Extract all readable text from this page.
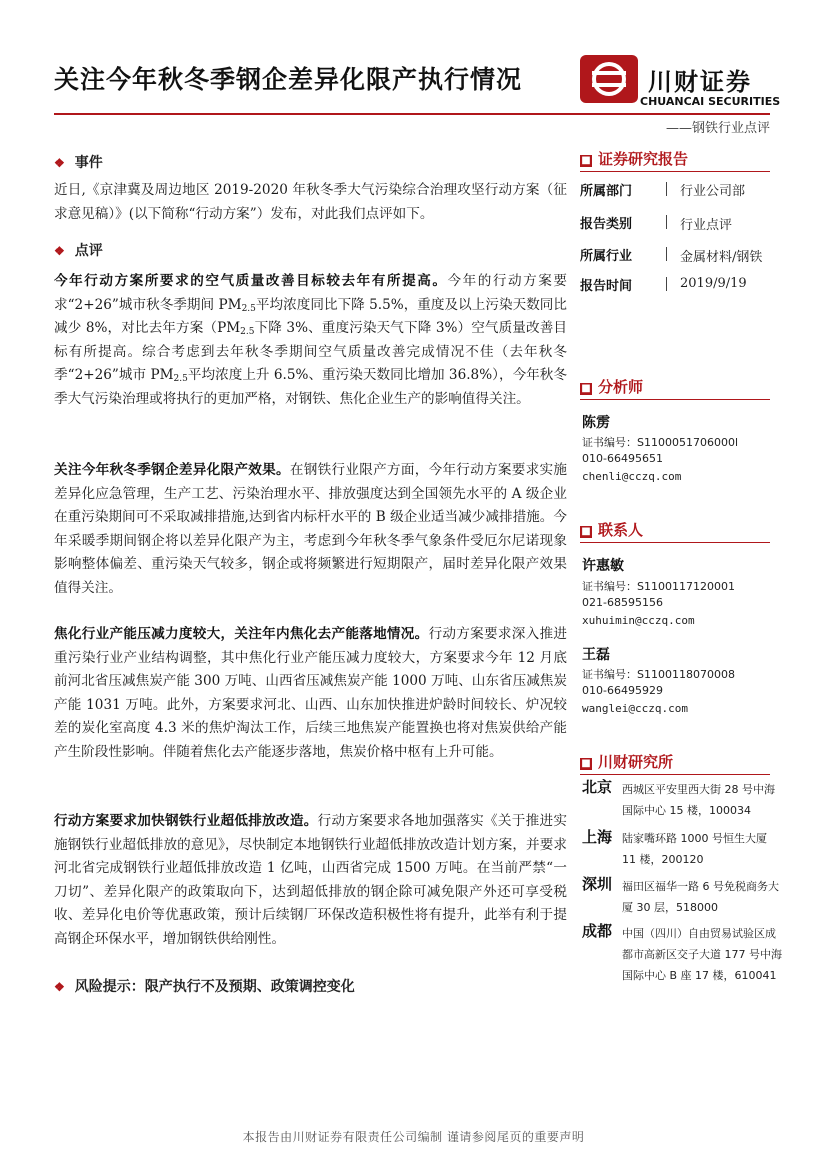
关注今年秋冬季钢企差异化限产执行情况	川财证券
CHUANCAI SECURITIES
——钢铁行业点评
❖ 事件
近日,《京津冀及周边地区 2019-2020 年秋冬季大气污染综合治理攻坚行动方案（征求意见稿）》(以下简称“行动方案”）发布，对此我们点评如下。
❖ 点评
今年行动方案所要求的空气质量改善目标较去年有所提高。今年的行动方案要求“2+26”城市秋冬季期间 $PM_{2.5}$平均浓度同比下降 5.5%，重度及以上污染天数同比减少 8%，对比去年方案（$PM_{2.5}$下降 3%、重度污染天气下降 3%）空气质量改善目标有所提高。综合考虑到去年秋冬季期间空气质量改善完成情况不佳（去年秋冬季“2+26”城市 $PM_{2.5}$平均浓度上升 6.5%、重污染天数同比增加 36.8%），今年秋冬季大气污染治理或将执行的更加严格，对钢铁、焦化企业生产的影响值得关注。
关注今年秋冬季钢企差异化限产效果。在钢铁行业限产方面，今年行动方案要求实施差异化应急管理，生产工艺、污染治理水平、排放强度达到全国领先水平的 A 级企业在重污染期间可不采取减排措施,达到省内标杆水平的 B 级企业适当减少减排措施。今年采暖季期间钢企将以差异化限产为主，考虑到今年秋冬季气象条件受厄尔尼诺现象影响整体偏差、重污染天气较多，钢企或将频繁进行短期限产，届时差异化限产效果值得关注。
焦化行业产能压减力度较大，关注年内焦化去产能落地情况。行动方案要求深入推进重污染行业产业结构调整，其中焦化行业产能压减力度较大，方案要求今年 12 月底前河北省压减焦炭产能 300 万吨、山西省压减焦炭产能 1000 万吨、山东省压减焦炭产能 1031 万吨。此外，方案要求河北、山西、山东加快推进炉龄时间较长、炉况较差的炭化室高度 4.3 米的焦炉淘汰工作，后续三地焦炭产能置换也将对焦炭供给产能产生阶段性影响。伴随着焦化去产能逐步落地，焦炭价格中枢有上升可能。
行动方案要求加快钢铁行业超低排放改造。行动方案要求各地加强落实《关于推进实施钢铁行业超低排放的意见》，尽快制定本地钢铁行业超低排放改造计划方案，并要求河北省完成钢铁行业超低排放改造 1 亿吨，山西省完成 1500 万吨。在当前严禁“一刀切”、差异化限产的政策取向下，达到超低排放的钢企除可减免限产外还可享受税收、差异化电价等优惠政策，预计后续钢厂环保改造积极性将有提升，此举有利于提高钢企环保水平，增加钢铁供给刚性。
❖ 风险提示：限产执行不及预期、政策调控变化
■ 证券研究报告
所属部门	行业公司部
报告类别	行业点评
所属行业	金属材料/钢铁
报告时间	2019/9/19
■ 分析师
陈雳
证书编号：S1100051706000l
010-66495651
chenli@cczq.com
■ 联系人
许惠敏
证书编号：S1100117120001
021-68595156
xuhuimin@cczq.com
王磊
证书编号：S1100118070008
010-66495929
wanglei@cczq.com
■ 川财研究所
北京 西城区平安里西大街 28 号中海国际中心 15 楼，100034
上海 陆家嘴环路 1000 号恒生大厦 11 楼，200120
深圳 福田区福华一路 6 号免税商务大厦 30 层，518000
成都 中国（四川）自由贸易试验区成都市高新区交子大道 177 号中海国际中心 B 座 17 楼，610041
本报告由川财证券有限责任公司编制 谨请参阅尾页的重要声明
